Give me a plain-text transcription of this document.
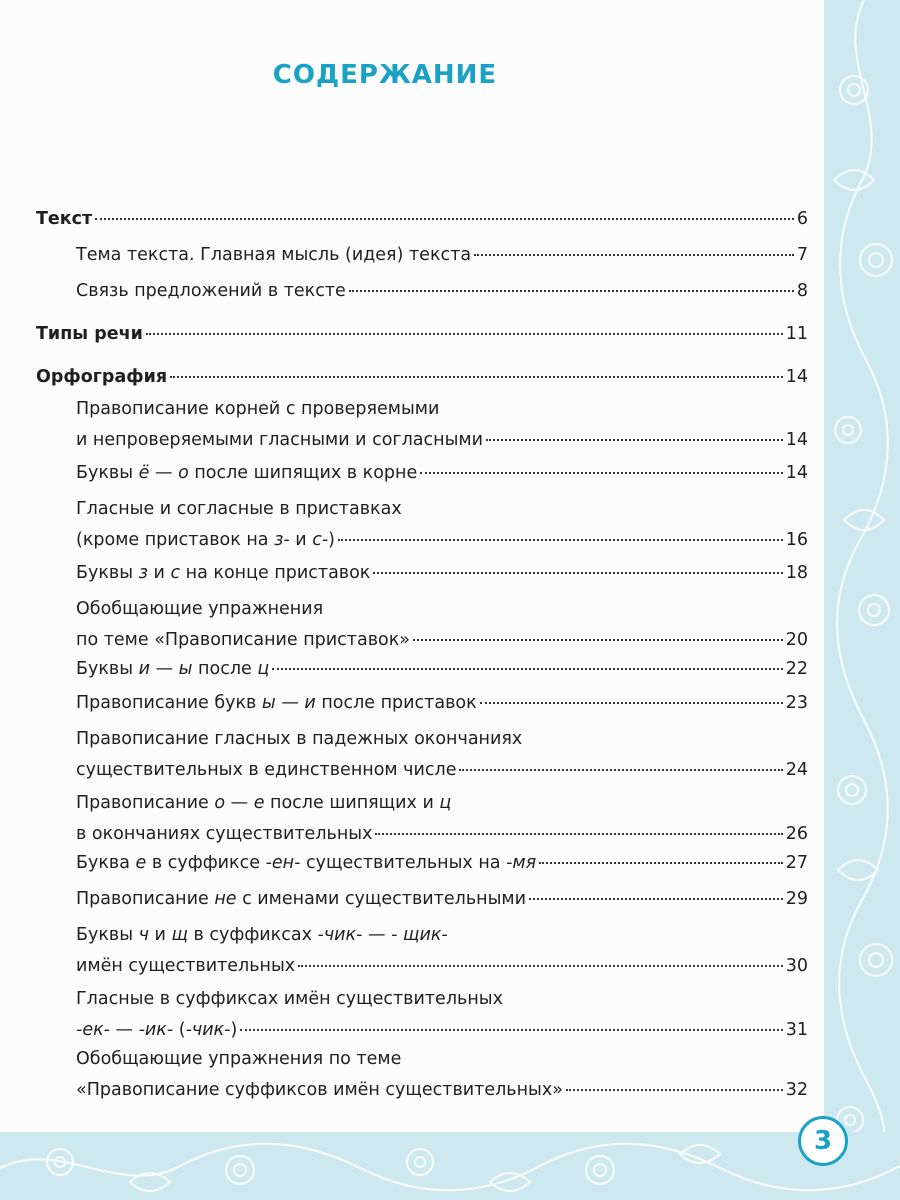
СОДЕРЖАНИЕ
Текст	6
Тема текста. Главная мысль (идея) текста	7
Связь предложений в тексте	8
Типы речи	11
Орфография	14
Правописание корней с проверяемыми
и непроверяемыми гласными и согласными	14
Буквы ё — о после шипящих в корне	14
Гласные и согласные в приставках
(кроме приставок на з- и с-)	16
Буквы з и с на конце приставок	18
Обобщающие упражнения
по теме «Правописание приставок»	20
Буквы и — ы после ц	22
Правописание букв ы — и после приставок	23
Правописание гласных в падежных окончаниях
существительных в единственном числе	24
Правописание о — е после шипящих и ц
в окончаниях существительных	26
Буква е в суффиксе -ен- существительных на -мя	27
Правописание не с именами существительными	29
Буквы ч и щ в суффиксах -чик- — - щик-
имён существительных	30
Гласные в суффиксах имён существительных
-ек- — -ик- (-чик-)	31
Обобщающие упражнения по теме
«Правописание суффиксов имён существительных»	32
3
